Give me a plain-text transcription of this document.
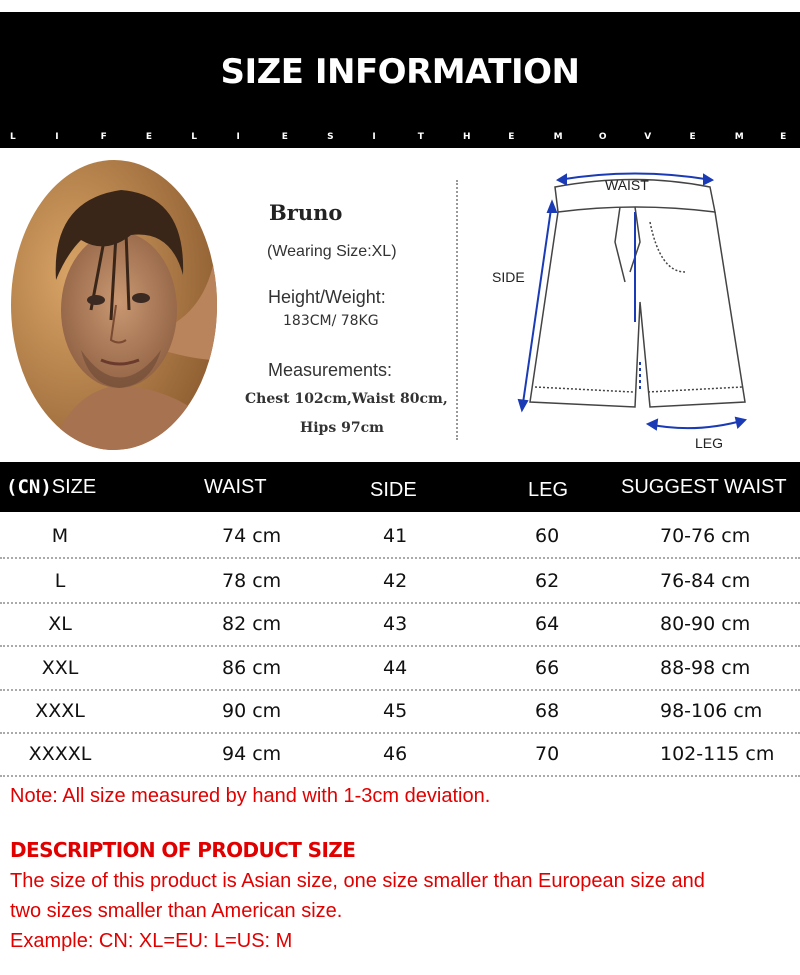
SIZE INFORMATION
L	I	F	E	L	I	E	S	I	T	H	E	M	O	V	E	M	E
Bruno
(Wearing Size:XL)
Height/Weight:
183CM/ 78KG
Measurements:
Chest 102cm,Waist 80cm,
Hips 97cm
WAIST
SIDE
LEG
(CN)SIZE	WAIST	SIDE	LEG	SUGGEST WAIST
M	74 cm	41	60	70-76 cm
L	78 cm	42	62	76-84 cm
XL	82 cm	43	64	80-90 cm
XXL	86 cm	44	66	88-98 cm
XXXL	90 cm	45	68	98-106 cm
XXXXL	94 cm	46	70	102-115 cm
Note: All size measured by hand with 1-3cm deviation.
DESCRIPTION OF PRODUCT SIZE
The size of this product is Asian size, one size smaller than European size and
two sizes smaller than American size.
Example: CN: XL=EU: L=US: M
